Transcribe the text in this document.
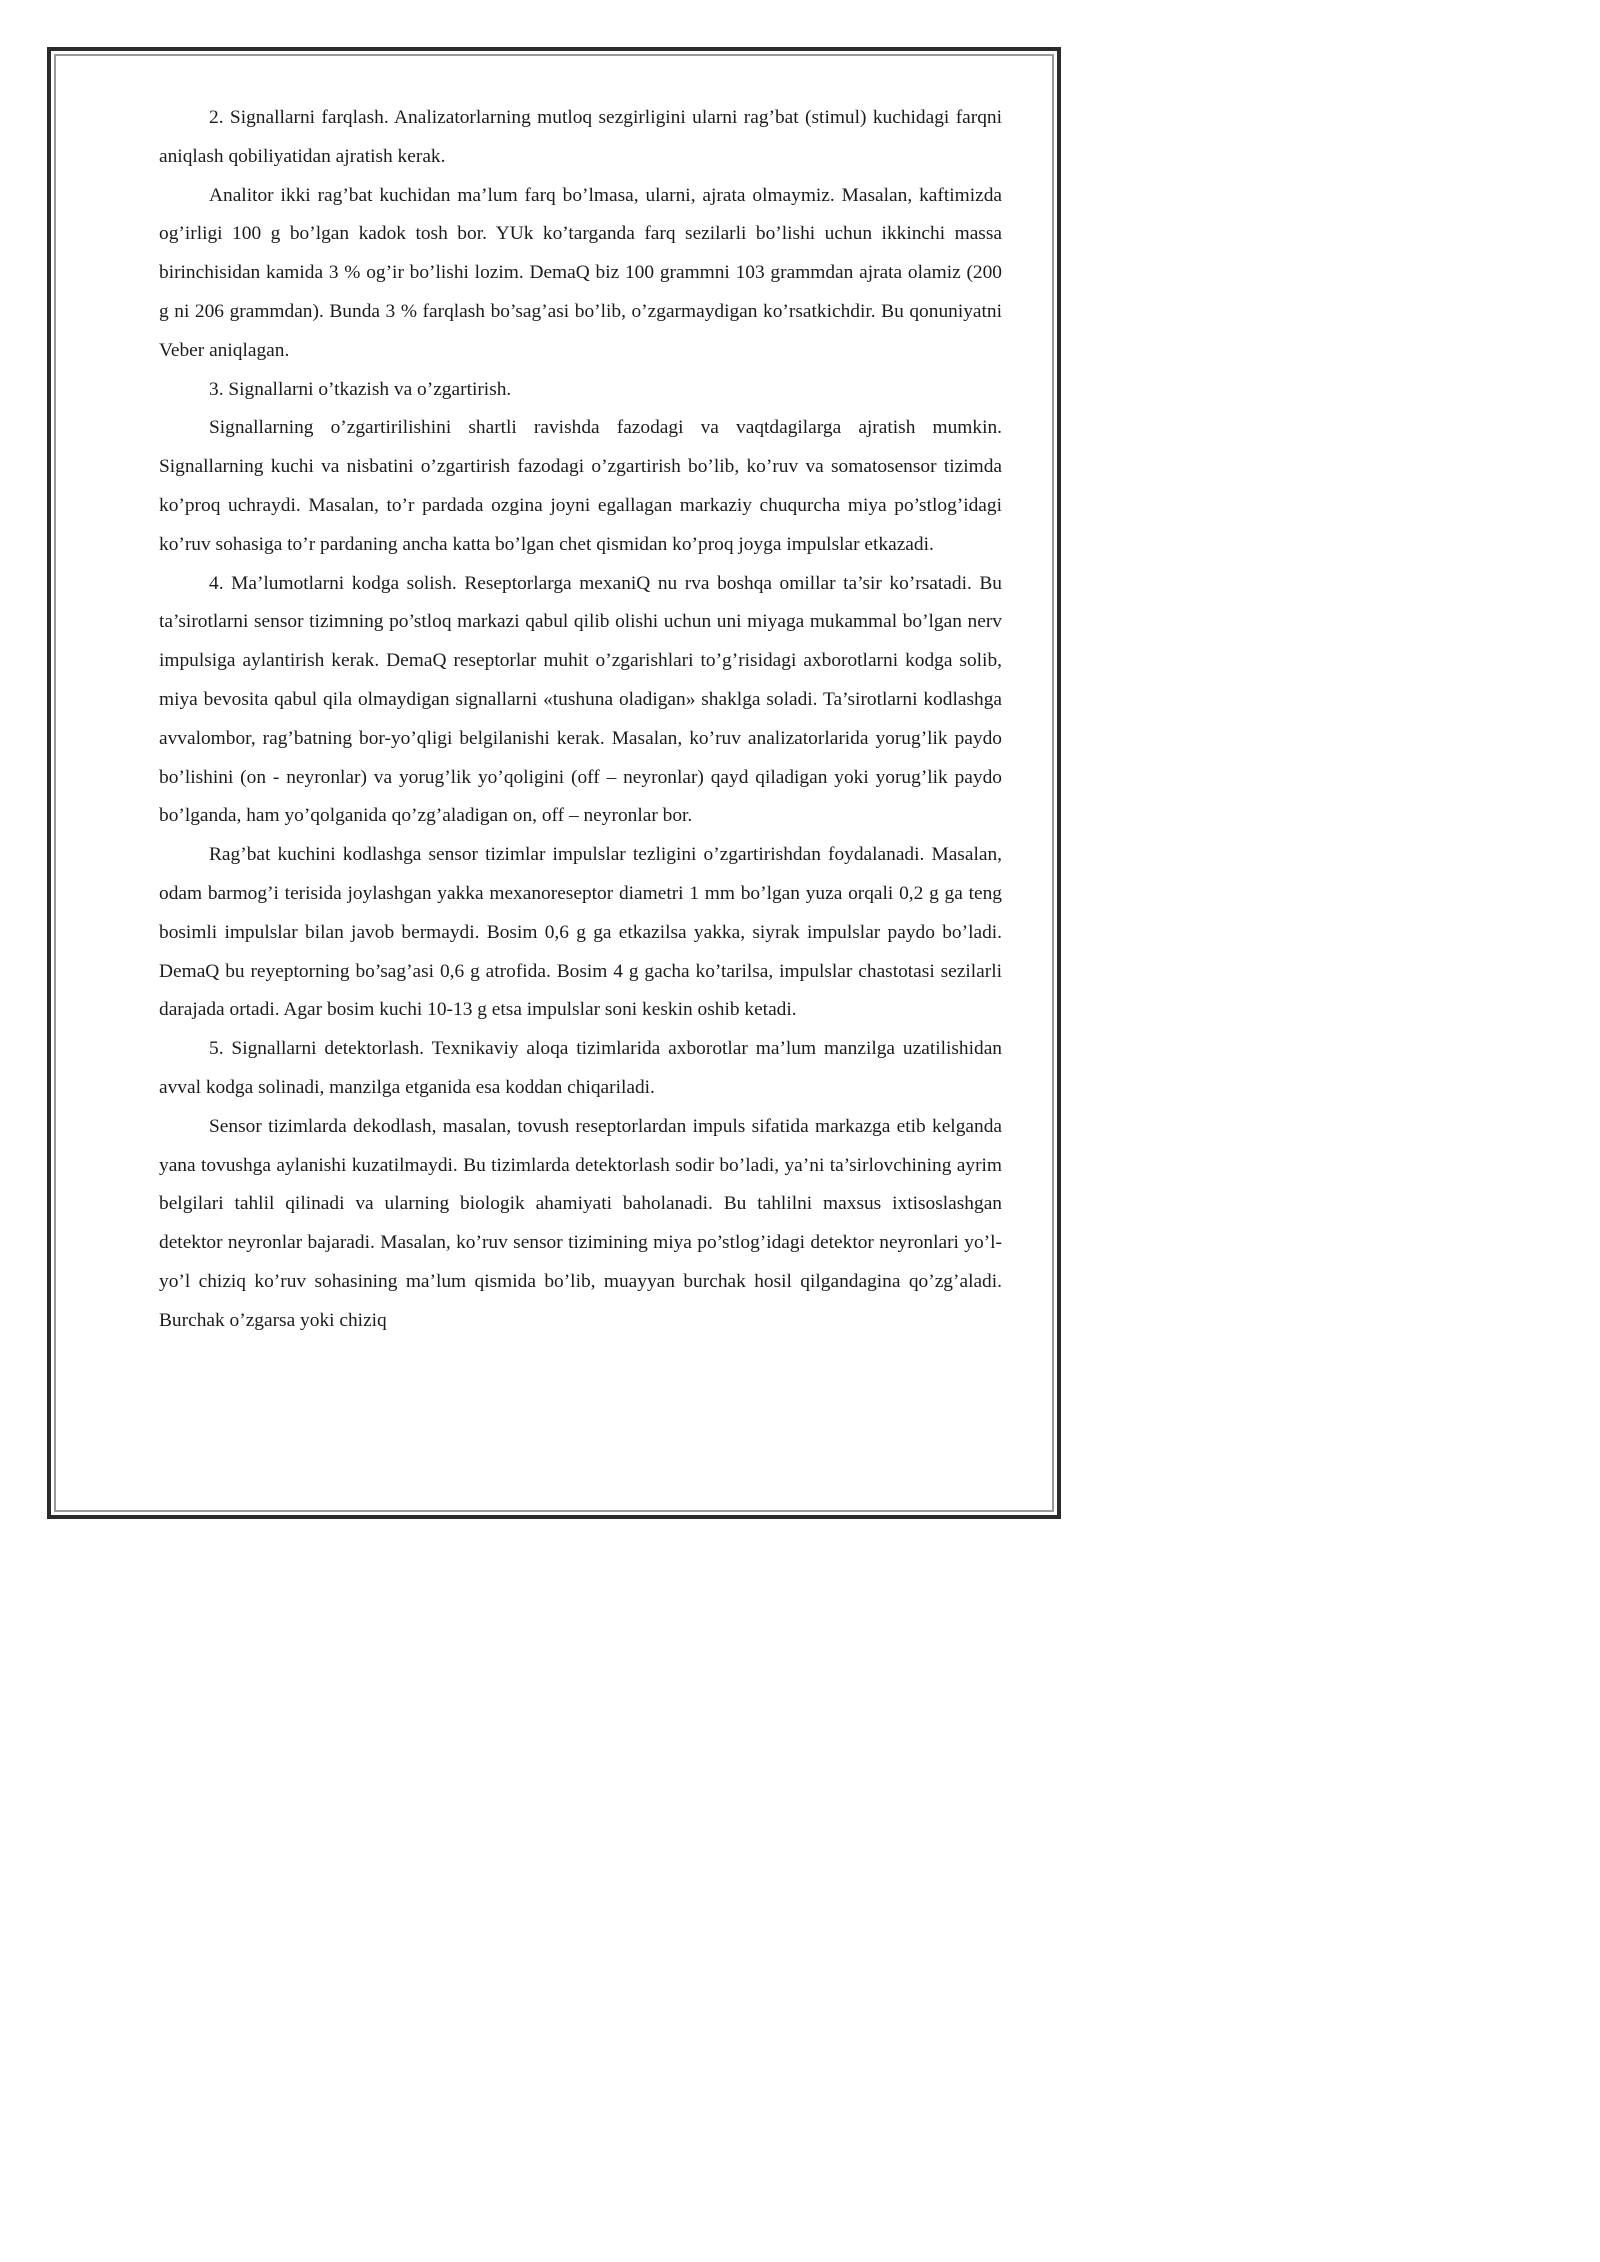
2. Signallarni farqlash. Analizatorlarning mutloq sezgirligini ularni rag’bat (stimul) kuchidagi farqni aniqlash qobiliyatidan ajratish kerak.

Analitor ikki rag’bat kuchidan ma’lum farq bo’lmasa, ularni, ajrata olmaymiz. Masalan, kaftimizda og’irligi 100 g bo’lgan kadok tosh bor. YUk ko’targanda farq sezilarli bo’lishi uchun ikkinchi massa birinchisidan kamida 3 % og’ir bo’lishi lozim. DemaQ biz 100 grammni 103 grammdan ajrata olamiz (200 g ni 206 grammdan). Bunda 3 % farqlash bo’sag’asi bo’lib, o’zgarmaydigan ko’rsatkichdir. Bu qonuniyatni Veber aniqlagan.

3. Signallarni o’tkazish va o’zgartirish.

Signallarning o’zgartirilishini shartli ravishda fazodagi va vaqtdagilarga ajratish mumkin. Signallarning kuchi va nisbatini o’zgartirish fazodagi o’zgartirish bo’lib, ko’ruv va somatosensor tizimda ko’proq uchraydi. Masalan, to’r pardada ozgina joyni egallagan markaziy chuqurcha miya po’stlog’idagi ko’ruv sohasiga to’r pardaning ancha katta bo’lgan chet qismidan ko’proq joyga impulslar etkazadi.

4. Ma’lumotlarni kodga solish. Reseptorlarga mexaniQ nu rva boshqa omillar ta’sir ko’rsatadi. Bu ta’sirotlarni sensor tizimning po’stloq markazi qabul qilib olishi uchun uni miyaga mukammal bo’lgan nerv impulsiga aylantirish kerak. DemaQ reseptorlar muhit o’zgarishlari to’g’risidagi axborotlarni kodga solib, miya bevosita qabul qila olmaydigan signallarni «tushuna oladigan» shaklga soladi. Ta’sirotlarni kodlashga avvalombor, rag’batning bor-yo’qligi belgilanishi kerak. Masalan, ko’ruv analizatorlarida yorug’lik paydo bo’lishini (on - neyronlar) va yorug’lik yo’qoligini (off – neyronlar) qayd qiladigan yoki yorug’lik paydo bo’lganda, ham yo’qolganida qo’zg’aladigan on, off – neyronlar bor.

Rag’bat kuchini kodlashga sensor tizimlar impulslar tezligini o’zgartirishdan foydalanadi. Masalan, odam barmog’i terisida joylashgan yakka mexanoreseptor diametri 1 mm bo’lgan yuza orqali 0,2 g ga teng bosimli impulslar bilan javob bermaydi. Bosim 0,6 g ga etkazilsa yakka, siyrak impulslar paydo bo’ladi. DemaQ bu reyeptorning bo’sag’asi 0,6 g atrofida. Bosim 4 g gacha ko’tarilsa, impulslar chastotasi sezilarli darajada ortadi. Agar bosim kuchi 10-13 g etsa impulslar soni keskin oshib ketadi.

5. Signallarni detektorlash. Texnikaviy aloqa tizimlarida axborotlar ma’lum manzilga uzatilishidan avval kodga solinadi, manzilga etganida esa koddan chiqariladi.

Sensor tizimlarda dekodlash, masalan, tovush reseptorlardan impuls sifatida markazga etib kelganda yana tovushga aylanishi kuzatilmaydi. Bu tizimlarda detektorlash sodir bo’ladi, ya’ni ta’sirlovchining ayrim belgilari tahlil qilinadi va ularning biologik ahamiyati baholanadi. Bu tahlilni maxsus ixtisoslashgan detektor neyronlar bajaradi. Masalan, ko’ruv sensor tizimining miya po’stlog’idagi detektor neyronlari yo’l-yo’l chiziq ko’ruv sohasining ma’lum qismida bo’lib, muayyan burchak hosil qilgandagina qo’zg’aladi. Burchak o’zgarsa yoki chiziq
